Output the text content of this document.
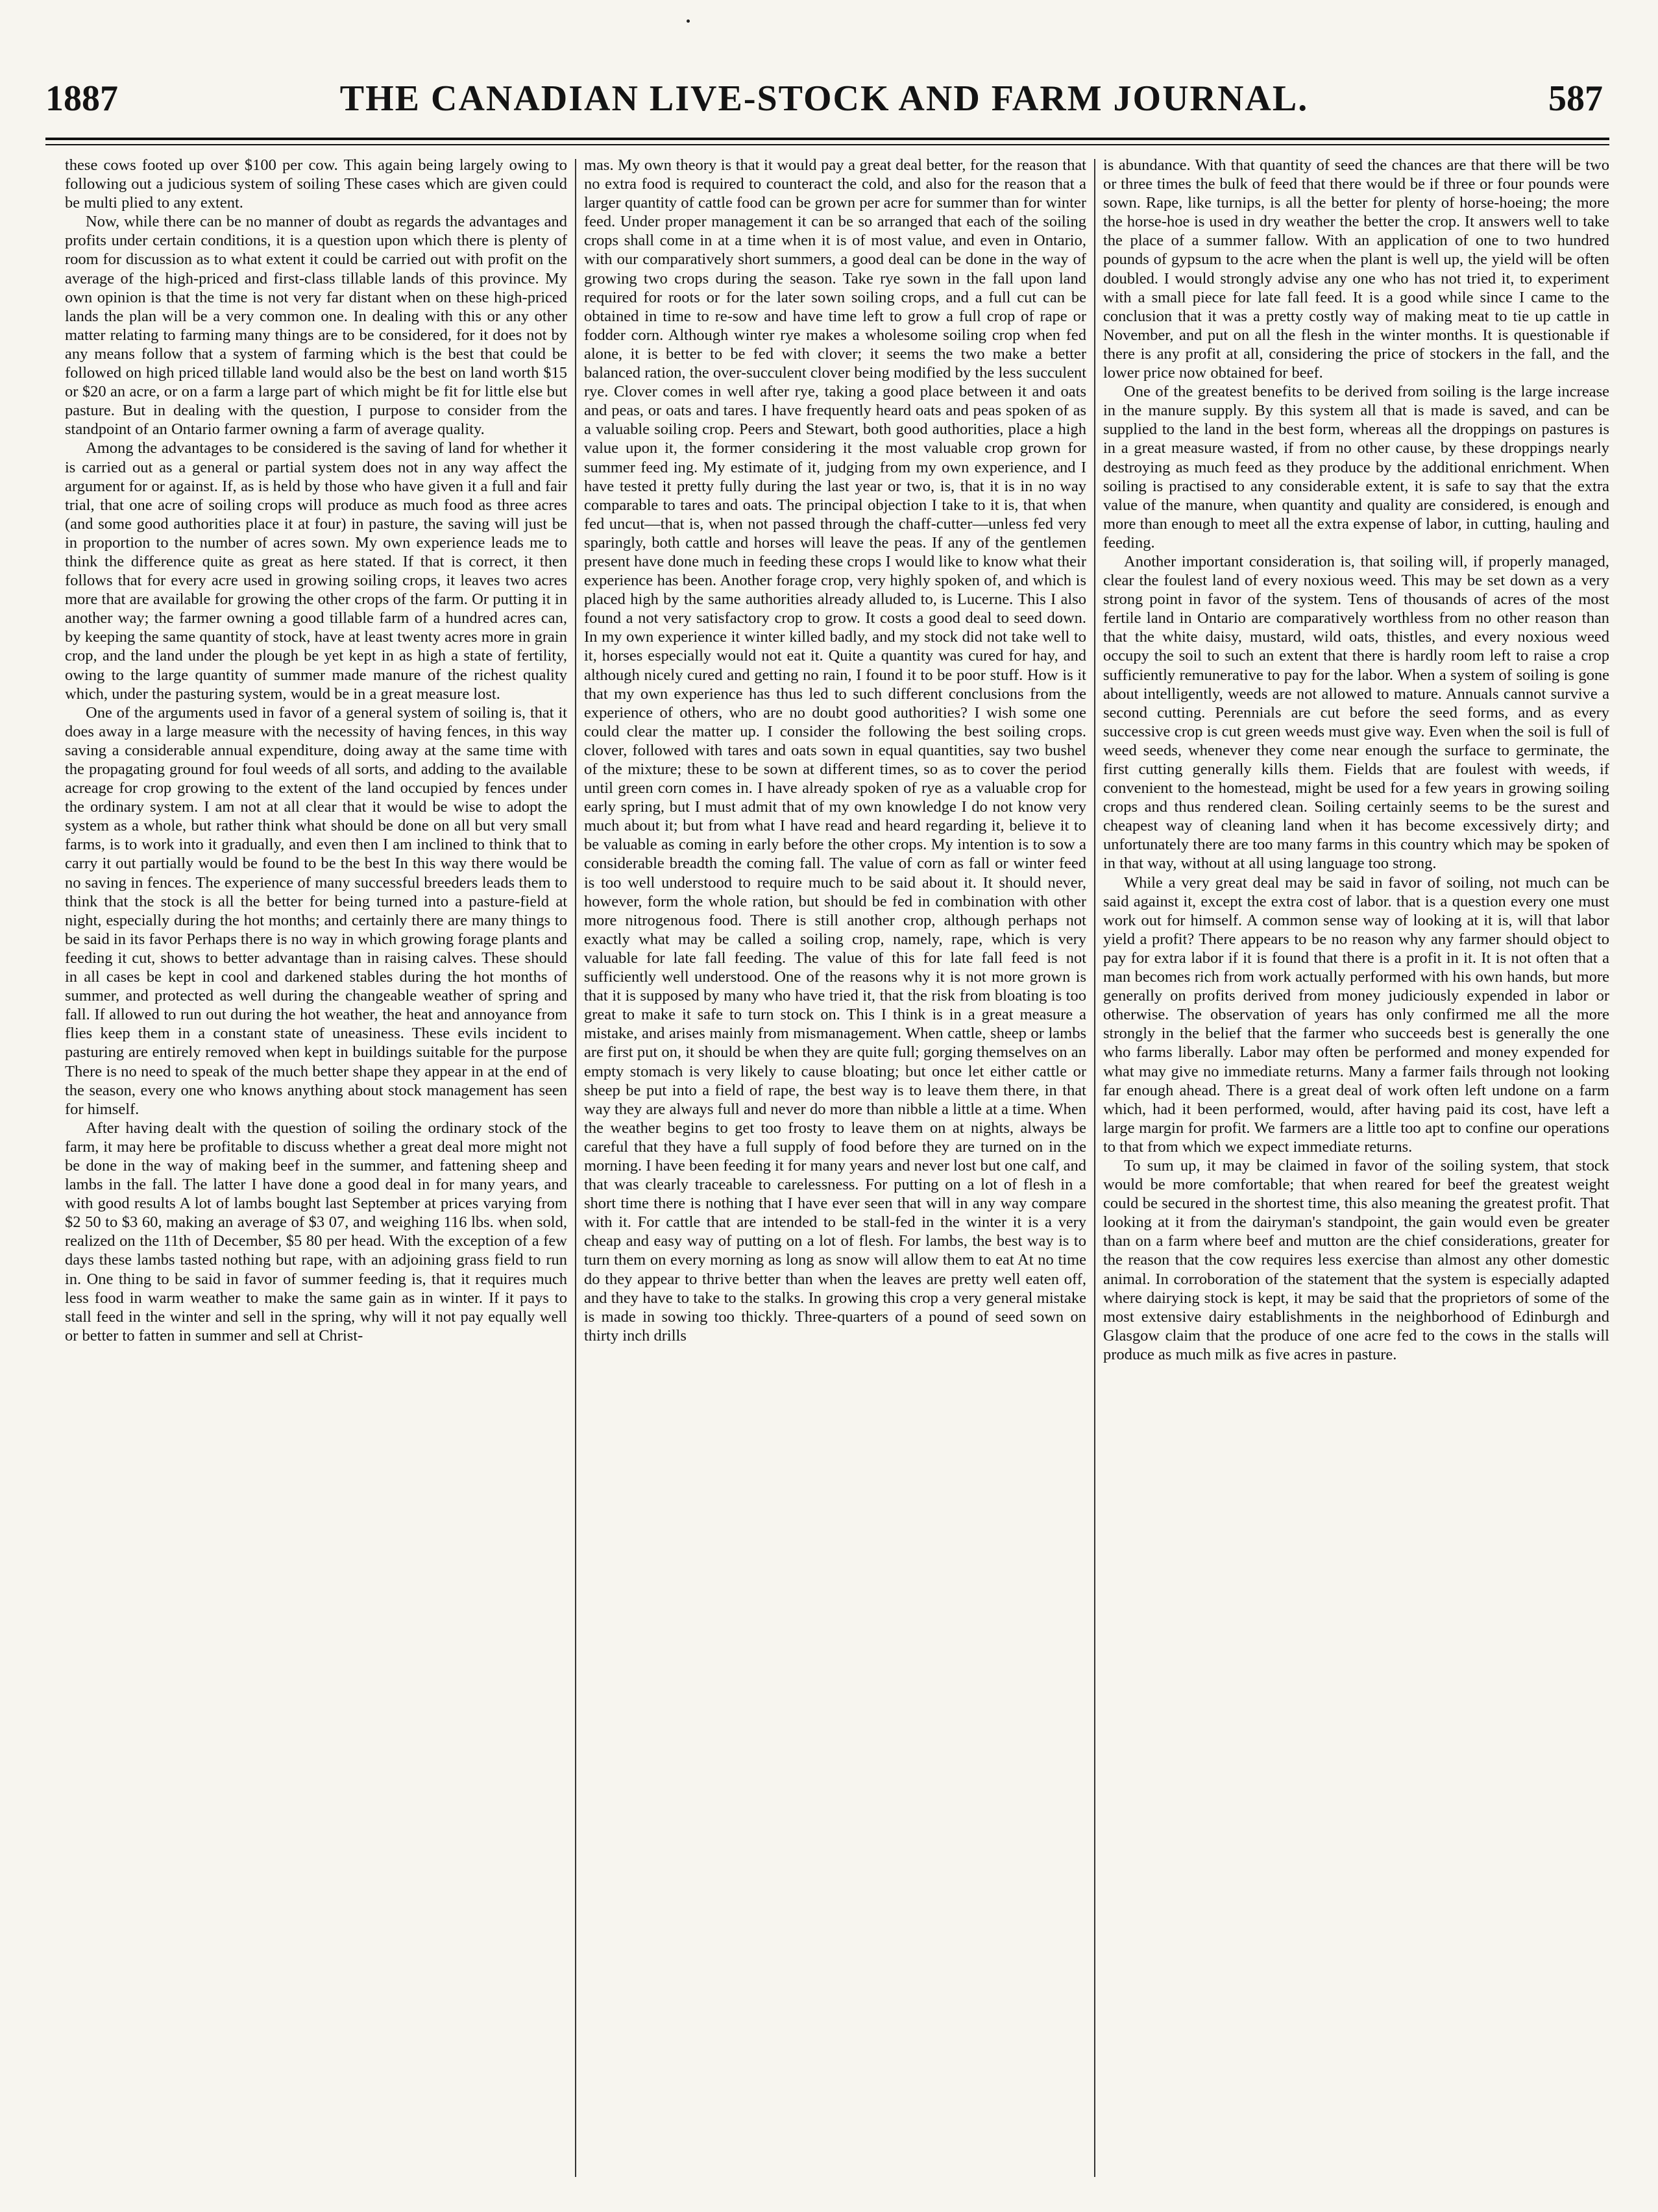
1887	THE CANADIAN LIVE-STOCK AND FARM JOURNAL.	587

these cows footed up over $100 per cow. This again being largely owing to following out a judicious system of soiling These cases which are given could be multi plied to any extent.

Now, while there can be no manner of doubt as regards the advantages and profits under certain conditions, it is a question upon which there is plenty of room for discussion as to what extent it could be carried out with profit on the average of the high-priced and first-class tillable lands of this province. My own opinion is that the time is not very far distant when on these high-priced lands the plan will be a very common one. In dealing with this or any other matter relating to farming many things are to be considered, for it does not by any means follow that a system of farming which is the best that could be followed on high priced tillable land would also be the best on land worth $15 or $20 an acre, or on a farm a large part of which might be fit for little else but pasture. But in dealing with the question, I purpose to consider from the standpoint of an Ontario farmer owning a farm of average quality.

Among the advantages to be considered is the saving of land for whether it is carried out as a general or partial system does not in any way affect the argument for or against. If, as is held by those who have given it a full and fair trial, that one acre of soiling crops will produce as much food as three acres (and some good authorities place it at four) in pasture, the saving will just be in proportion to the number of acres sown. My own experience leads me to think the difference quite as great as here stated. If that is correct, it then follows that for every acre used in growing soiling crops, it leaves two acres more that are available for growing the other crops of the farm. Or putting it in another way; the farmer owning a good tillable farm of a hundred acres can, by keeping the same quantity of stock, have at least twenty acres more in grain crop, and the land under the plough be yet kept in as high a state of fertility, owing to the large quantity of summer made manure of the richest quality which, under the pasturing system, would be in a great measure lost.

One of the arguments used in favor of a general system of soiling is, that it does away in a large measure with the necessity of having fences, in this way saving a considerable annual expenditure, doing away at the same time with the propagating ground for foul weeds of all sorts, and adding to the available acreage for crop growing to the extent of the land occupied by fences under the ordinary system. I am not at all clear that it would be wise to adopt the system as a whole, but rather think what should be done on all but very small farms, is to work into it gradually, and even then I am inclined to think that to carry it out partially would be found to be the best In this way there would be no saving in fences. The experience of many successful breeders leads them to think that the stock is all the better for being turned into a pasture-field at night, especially during the hot months; and certainly there are many things to be said in its favor Perhaps there is no way in which growing forage plants and feeding it cut, shows to better advantage than in raising calves. These should in all cases be kept in cool and darkened stables during the hot months of summer, and protected as well during the changeable weather of spring and fall. If allowed to run out during the hot weather, the heat and annoyance from flies keep them in a constant state of uneasiness. These evils incident to pasturing are entirely removed when kept in buildings suitable for the purpose There is no need to speak of the much better shape they appear in at the end of the season, every one who knows anything about stock management has seen for himself.

After having dealt with the question of soiling the ordinary stock of the farm, it may here be profitable to discuss whether a great deal more might not be done in the way of making beef in the summer, and fattening sheep and lambs in the fall. The latter I have done a good deal in for many years, and with good results A lot of lambs bought last September at prices varying from $2 50 to $3 60, making an average of $3 07, and weighing 116 lbs. when sold, realized on the 11th of December, $5 80 per head. With the exception of a few days these lambs tasted nothing but rape, with an adjoining grass field to run in. One thing to be said in favor of summer feeding is, that it requires much less food in warm weather to make the same gain as in winter. If it pays to stall feed in the winter and sell in the spring, why will it not pay equally well or better to fatten in summer and sell at Christ-

mas. My own theory is that it would pay a great deal better, for the reason that no extra food is required to counteract the cold, and also for the reason that a larger quantity of cattle food can be grown per acre for summer than for winter feed. Under proper management it can be so arranged that each of the soiling crops shall come in at a time when it is of most value, and even in Ontario, with our comparatively short summers, a good deal can be done in the way of growing two crops during the season. Take rye sown in the fall upon land required for roots or for the later sown soiling crops, and a full cut can be obtained in time to re-sow and have time left to grow a full crop of rape or fodder corn. Although winter rye makes a wholesome soiling crop when fed alone, it is better to be fed with clover; it seems the two make a better balanced ration, the over-succulent clover being modified by the less succulent rye. Clover comes in well after rye, taking a good place between it and oats and peas, or oats and tares. I have frequently heard oats and peas spoken of as a valuable soiling crop. Peers and Stewart, both good authorities, place a high value upon it, the former considering it the most valuable crop grown for summer feed ing. My estimate of it, judging from my own experience, and I have tested it pretty fully during the last year or two, is, that it is in no way comparable to tares and oats. The principal objection I take to it is, that when fed uncut—that is, when not passed through the chaff-cutter—unless fed very sparingly, both cattle and horses will leave the peas. If any of the gentlemen present have done much in feeding these crops I would like to know what their experience has been. Another forage crop, very highly spoken of, and which is placed high by the same authorities already alluded to, is Lucerne. This I also found a not very satisfactory crop to grow. It costs a good deal to seed down. In my own experience it winter killed badly, and my stock did not take well to it, horses especially would not eat it. Quite a quantity was cured for hay, and although nicely cured and getting no rain, I found it to be poor stuff. How is it that my own experience has thus led to such different conclusions from the experience of others, who are no doubt good authorities? I wish some one could clear the matter up. I consider the following the best soiling crops. clover, followed with tares and oats sown in equal quantities, say two bushel of the mixture; these to be sown at different times, so as to cover the period until green corn comes in. I have already spoken of rye as a valuable crop for early spring, but I must admit that of my own knowledge I do not know very much about it; but from what I have read and heard regarding it, believe it to be valuable as coming in early before the other crops. My intention is to sow a considerable breadth the coming fall. The value of corn as fall or winter feed is too well understood to require much to be said about it. It should never, however, form the whole ration, but should be fed in combination with other more nitrogenous food. There is still another crop, although perhaps not exactly what may be called a soiling crop, namely, rape, which is very valuable for late fall feeding. The value of this for late fall feed is not sufficiently well understood. One of the reasons why it is not more grown is that it is supposed by many who have tried it, that the risk from bloating is too great to make it safe to turn stock on. This I think is in a great measure a mistake, and arises mainly from mismanagement. When cattle, sheep or lambs are first put on, it should be when they are quite full; gorging themselves on an empty stomach is very likely to cause bloating; but once let either cattle or sheep be put into a field of rape, the best way is to leave them there, in that way they are always full and never do more than nibble a little at a time. When the weather begins to get too frosty to leave them on at nights, always be careful that they have a full supply of food before they are turned on in the morning. I have been feeding it for many years and never lost but one calf, and that was clearly traceable to carelessness. For putting on a lot of flesh in a short time there is nothing that I have ever seen that will in any way compare with it. For cattle that are intended to be stall-fed in the winter it is a very cheap and easy way of putting on a lot of flesh. For lambs, the best way is to turn them on every morning as long as snow will allow them to eat At no time do they appear to thrive better than when the leaves are pretty well eaten off, and they have to take to the stalks. In growing this crop a very general mistake is made in sowing too thickly. Three-quarters of a pound of seed sown on thirty inch drills

is abundance. With that quantity of seed the chances are that there will be two or three times the bulk of feed that there would be if three or four pounds were sown. Rape, like turnips, is all the better for plenty of horse-hoeing; the more the horse-hoe is used in dry weather the better the crop. It answers well to take the place of a summer fallow. With an application of one to two hundred pounds of gypsum to the acre when the plant is well up, the yield will be often doubled. I would strongly advise any one who has not tried it, to experiment with a small piece for late fall feed. It is a good while since I came to the conclusion that it was a pretty costly way of making meat to tie up cattle in November, and put on all the flesh in the winter months. It is questionable if there is any profit at all, considering the price of stockers in the fall, and the lower price now obtained for beef.

One of the greatest benefits to be derived from soiling is the large increase in the manure supply. By this system all that is made is saved, and can be supplied to the land in the best form, whereas all the droppings on pastures is in a great measure wasted, if from no other cause, by these droppings nearly destroying as much feed as they produce by the additional enrichment. When soiling is practised to any considerable extent, it is safe to say that the extra value of the manure, when quantity and quality are considered, is enough and more than enough to meet all the extra expense of labor, in cutting, hauling and feeding.

Another important consideration is, that soiling will, if properly managed, clear the foulest land of every noxious weed. This may be set down as a very strong point in favor of the system. Tens of thousands of acres of the most fertile land in Ontario are comparatively worthless from no other reason than that the white daisy, mustard, wild oats, thistles, and every noxious weed occupy the soil to such an extent that there is hardly room left to raise a crop sufficiently remunerative to pay for the labor. When a system of soiling is gone about intelligently, weeds are not allowed to mature. Annuals cannot survive a second cutting. Perennials are cut before the seed forms, and as every successive crop is cut green weeds must give way. Even when the soil is full of weed seeds, whenever they come near enough the surface to germinate, the first cutting generally kills them. Fields that are foulest with weeds, if convenient to the homestead, might be used for a few years in growing soiling crops and thus rendered clean. Soiling certainly seems to be the surest and cheapest way of cleaning land when it has become excessively dirty; and unfortunately there are too many farms in this country which may be spoken of in that way, without at all using language too strong.

While a very great deal may be said in favor of soiling, not much can be said against it, except the extra cost of labor. that is a question every one must work out for himself. A common sense way of looking at it is, will that labor yield a profit? There appears to be no reason why any farmer should object to pay for extra labor if it is found that there is a profit in it. It is not often that a man becomes rich from work actually performed with his own hands, but more generally on profits derived from money judiciously expended in labor or otherwise. The observation of years has only confirmed me all the more strongly in the belief that the farmer who succeeds best is generally the one who farms liberally. Labor may often be performed and money expended for what may give no immediate returns. Many a farmer fails through not looking far enough ahead. There is a great deal of work often left undone on a farm which, had it been performed, would, after having paid its cost, have left a large margin for profit. We farmers are a little too apt to confine our operations to that from which we expect immediate returns.

To sum up, it may be claimed in favor of the soiling system, that stock would be more comfortable; that when reared for beef the greatest weight could be secured in the shortest time, this also meaning the greatest profit. That looking at it from the dairyman's standpoint, the gain would even be greater than on a farm where beef and mutton are the chief considerations, greater for the reason that the cow requires less exercise than almost any other domestic animal. In corroboration of the statement that the system is especially adapted where dairying stock is kept, it may be said that the proprietors of some of the most extensive dairy establishments in the neighborhood of Edinburgh and Glasgow claim that the produce of one acre fed to the cows in the stalls will produce as much milk as five acres in pasture.
